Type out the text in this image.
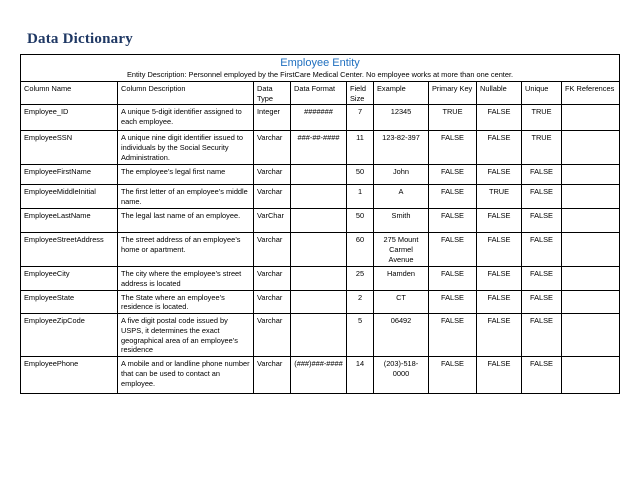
Data Dictionary
Employee Entity
Entity Description: Personnel employed by the FirstCare Medical Center. No employee works at more than one center.									

Column Name	Column Description	Data Type	Data Format	Field Size	Example	Primary Key	Nullable	Unique	FK References
Employee_ID	A unique 5-digit identifier assigned to each employee.	Integer	#######	7	12345	TRUE	FALSE	TRUE	
EmployeeSSN	A unique nine digit identifier issued to individuals by the Social Security Administration.	Varchar	###-##-####	11	123-82-397	FALSE	FALSE	TRUE	
EmployeeFirstName	The employee’s legal first name	Varchar		50	John	FALSE	FALSE	FALSE	
EmployeeMiddleInitial	The first letter of an employee’s middle name.	Varchar		1	A	FALSE	TRUE	FALSE	
EmployeeLastName	The legal last name of an employee.	VarChar		50	Smith	FALSE	FALSE	FALSE	
EmployeeStreetAddress	The street address of an employee’s home or apartment.	Varchar		60	275 Mount Carmel Avenue	FALSE	FALSE	FALSE	
EmployeeCity	The city where the employee’s street address is located	Varchar		25	Hamden	FALSE	FALSE	FALSE	
EmployeeState	The State where an employee’s residence is located.	Varchar		2	CT	FALSE	FALSE	FALSE	
EmployeeZipCode	A five digit postal code issued by USPS, it determines the exact geographical area of an employee’s residence	Varchar		5	06492	FALSE	FALSE	FALSE	
EmployeePhone	A mobile and or landline phone number that can be used to contact an employee.	Varchar	(###)###-####	14	(203)-518-0000	FALSE	FALSE	FALSE	
